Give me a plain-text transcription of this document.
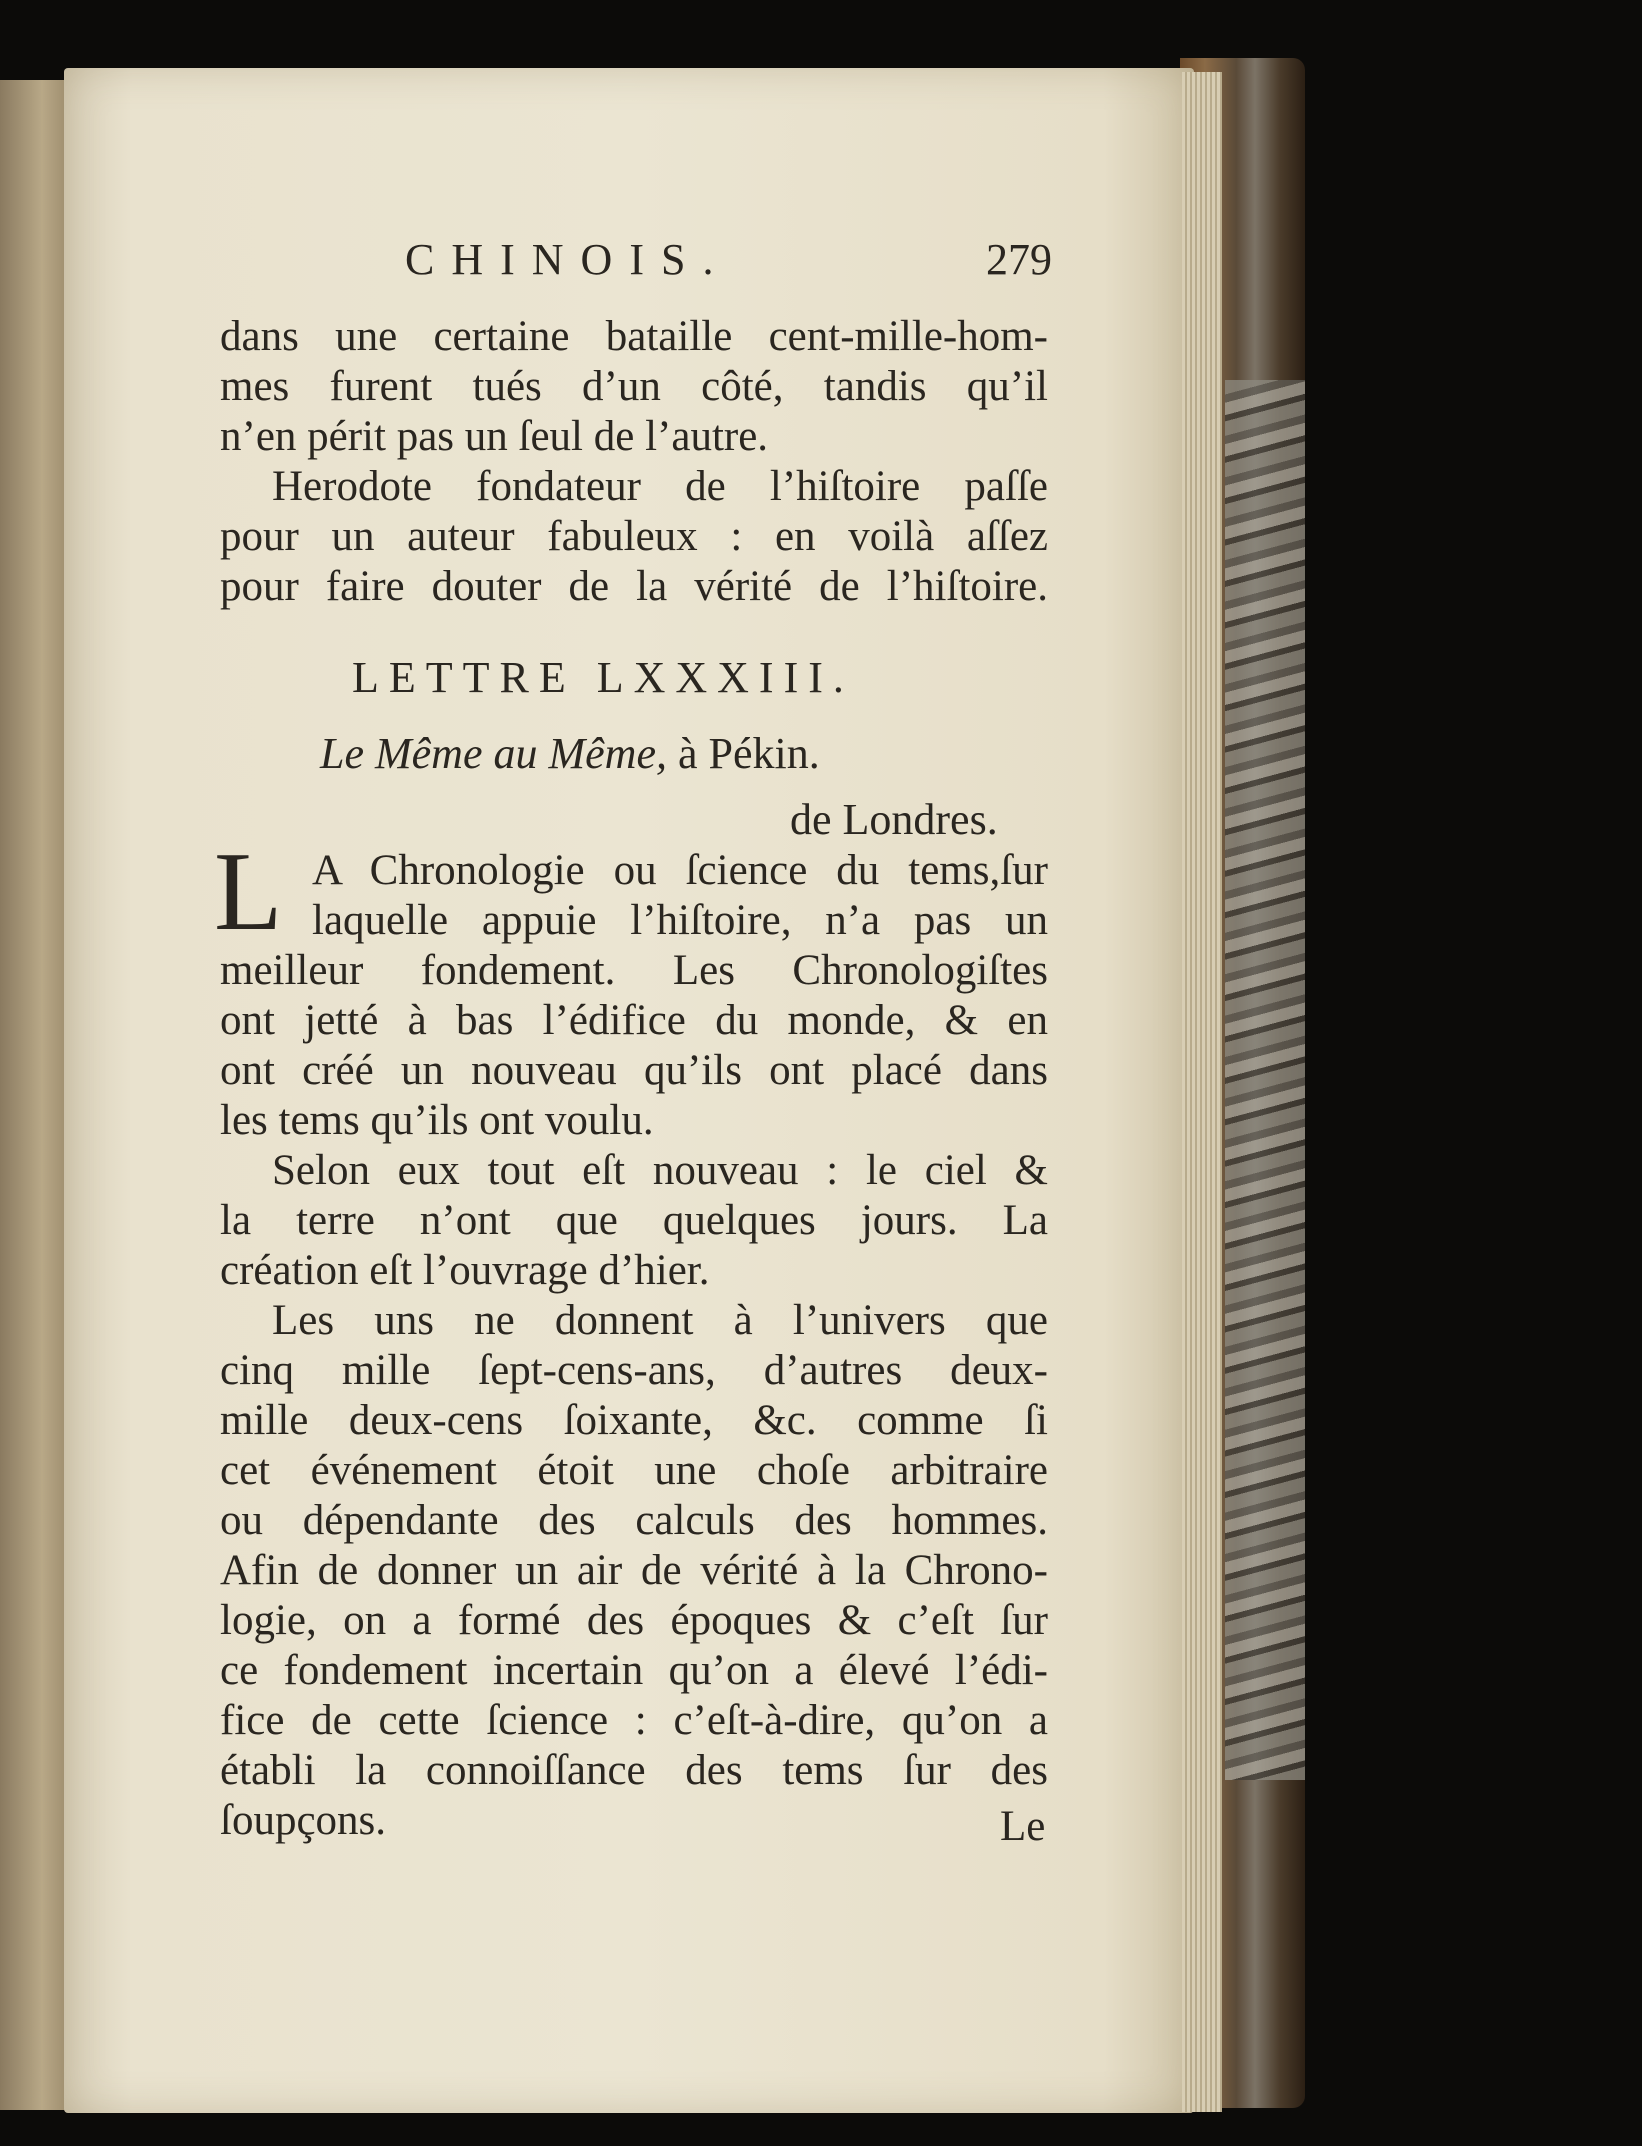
CHINOIS.	279

dans une certaine bataille cent-mille-hom-

mes furent tués d’un côté, tandis qu’il

n’en périt pas un ſeul de l’autre.

Herodote fondateur de l’hiſtoire paſſe

pour un auteur fabuleux : en voilà aſſez

pour faire douter de la vérité de l’hiſtoire.

LETTRE LXXXIII.

Le Même au Même, à Pékin.

de Londres.

L A Chronologie ou ſcience du tems,ſur

laquelle appuie l’hiſtoire, n’a pas un

meilleur fondement. Les Chronologiſtes

ont jetté à bas l’édifice du monde, & en

ont créé un nouveau qu’ils ont placé dans

les tems qu’ils ont voulu.

Selon eux tout eſt nouveau : le ciel &

la terre n’ont que quelques jours. La

création eſt l’ouvrage d’hier.

Les uns ne donnent à l’univers que

cinq mille ſept-cens-ans, d’autres deux-

mille deux-cens ſoixante, &c. comme ſi

cet événement étoit une choſe arbitraire

ou dépendante des calculs des hommes.

Afin de donner un air de vérité à la Chrono-

logie, on a formé des époques & c’eſt ſur

ce fondement incertain qu’on a élevé l’édi-

fice de cette ſcience : c’eſt-à-dire, qu’on a

établi la connoiſſance des tems ſur des

ſoupçons.	Le
